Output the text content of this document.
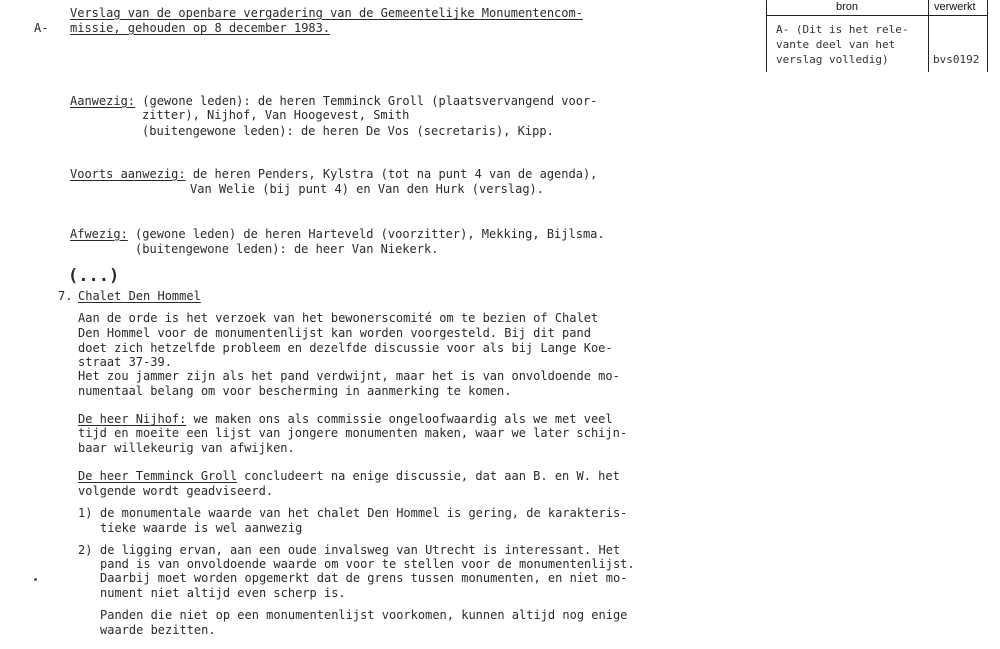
A-
Verslag van de openbare vergadering van de Gemeentelijke Monumentencom-
missie, gehouden op 8 december 1983.
bron	verwerkt
A- (Dit is het rele-
vante deel van het
verslag volledig)	bvs0192
Aanwezig: (gewone leden): de heren Temminck Groll (plaatsvervangend voor-
zitter), Nijhof, Van Hoogevest, Smith
(buitengewone leden): de heren De Vos (secretaris), Kipp.
Voorts aanwezig: de heren Penders, Kylstra (tot na punt 4 van de agenda),
Van Welie (bij punt 4) en Van den Hurk (verslag).
Afwezig: (gewone leden) de heren Harteveld (voorzitter), Mekking, Bijlsma.
(buitengewone leden): de heer Van Niekerk.
(...)
7. Chalet Den Hommel
Aan de orde is het verzoek van het bewonerscomité om te bezien of Chalet
Den Hommel voor de monumentenlijst kan worden voorgesteld. Bij dit pand
doet zich hetzelfde probleem en dezelfde discussie voor als bij Lange Koe-
straat 37-39.
Het zou jammer zijn als het pand verdwijnt, maar het is van onvoldoende mo-
numentaal belang om voor bescherming in aanmerking te komen.
De heer Nijhof: we maken ons als commissie ongeloofwaardig als we met veel
tijd en moeite een lijst van jongere monumenten maken, waar we later schijn-
baar willekeurig van afwijken.
De heer Temminck Groll concludeert na enige discussie, dat aan B. en W. het
volgende wordt geadviseerd.
1) de monumentale waarde van het chalet Den Hommel is gering, de karakteris-
tieke waarde is wel aanwezig
2) de ligging ervan, aan een oude invalsweg van Utrecht is interessant. Het
pand is van onvoldoende waarde om voor te stellen voor de monumentenlijst.
Daarbij moet worden opgemerkt dat de grens tussen monumenten, en niet mo-
nument niet altijd even scherp is.
Panden die niet op een monumentenlijst voorkomen, kunnen altijd nog enige
waarde bezitten.
